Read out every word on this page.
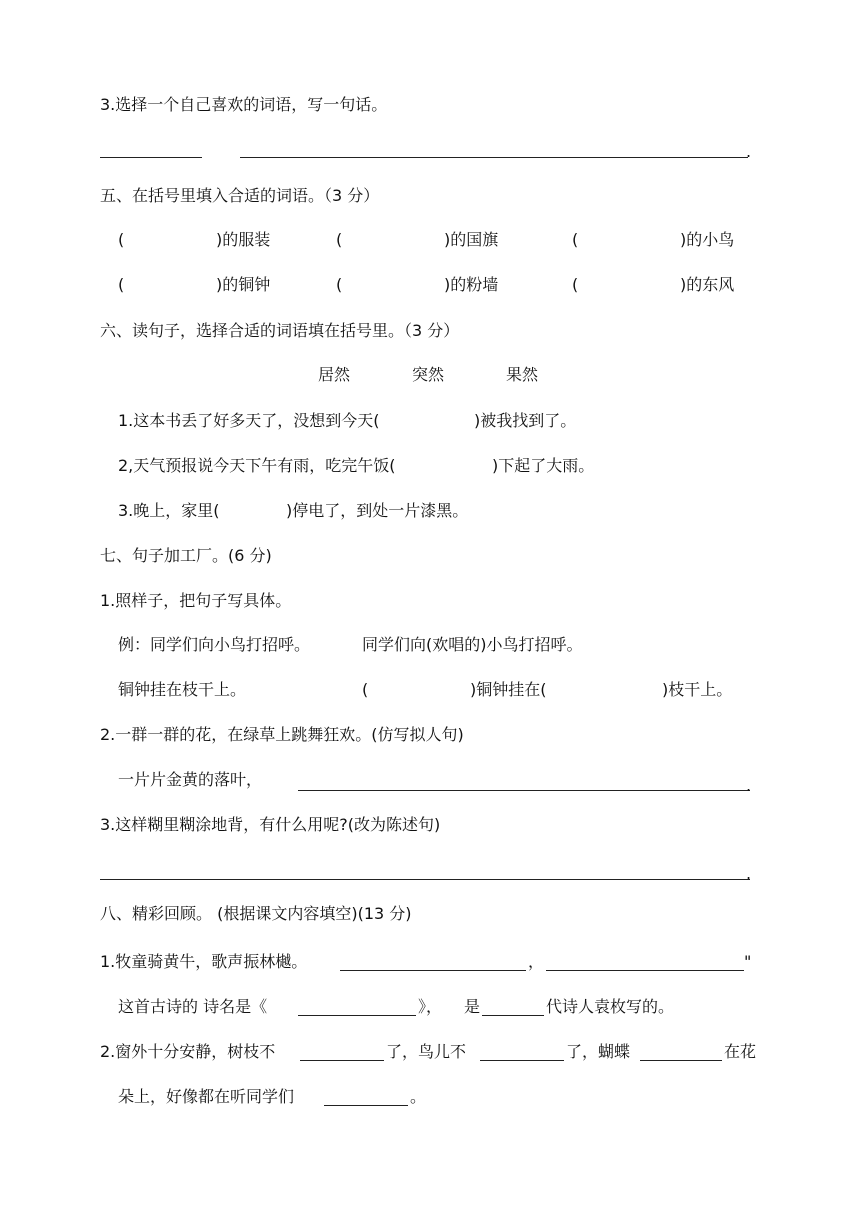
3.选择一个自己喜欢的词语，写一句话。
.
五、在括号里填入合适的词语。（3 分）
(	)的服装	(	)的国旗	(	)的小鸟
(	)的铜钟	(	)的粉墙	(	)的东风
六、读句子，选择合适的词语填在括号里。（3 分）
居然	突然	果然
1.这本书丢了好多天了，没想到今天(	)被我找到了。
2,天气预报说今天下午有雨，吃完午饭(	)下起了大雨。
3.晚上，家里(	)停电了，到处一片漆黑。
七、句子加工厂。(6 分)
1.照样子，把句子写具体。
例：同学们向小鸟打招呼。	同学们向(欢唱的)小鸟打招呼。
铜钟挂在枝干上。	(	)铜钟挂在(	)枝干上。
2.一群一群的花，在绿草上跳舞狂欢。(仿写拟人句)
一片片金黄的落叶，	.
3.这样糊里糊涂地背，有什么用呢?(改为陈述句)
.
八、精彩回顾。 (根据课文内容填空)(13 分)
1.牧童骑黄牛，歌声振林樾。	，	"
这首古诗的 诗名是《	》， 是	代诗人袁枚写的。
2.窗外十分安静，树枝不	了，鸟儿不	了，蝴蝶	在花
朵上，好像都在听同学们	。
